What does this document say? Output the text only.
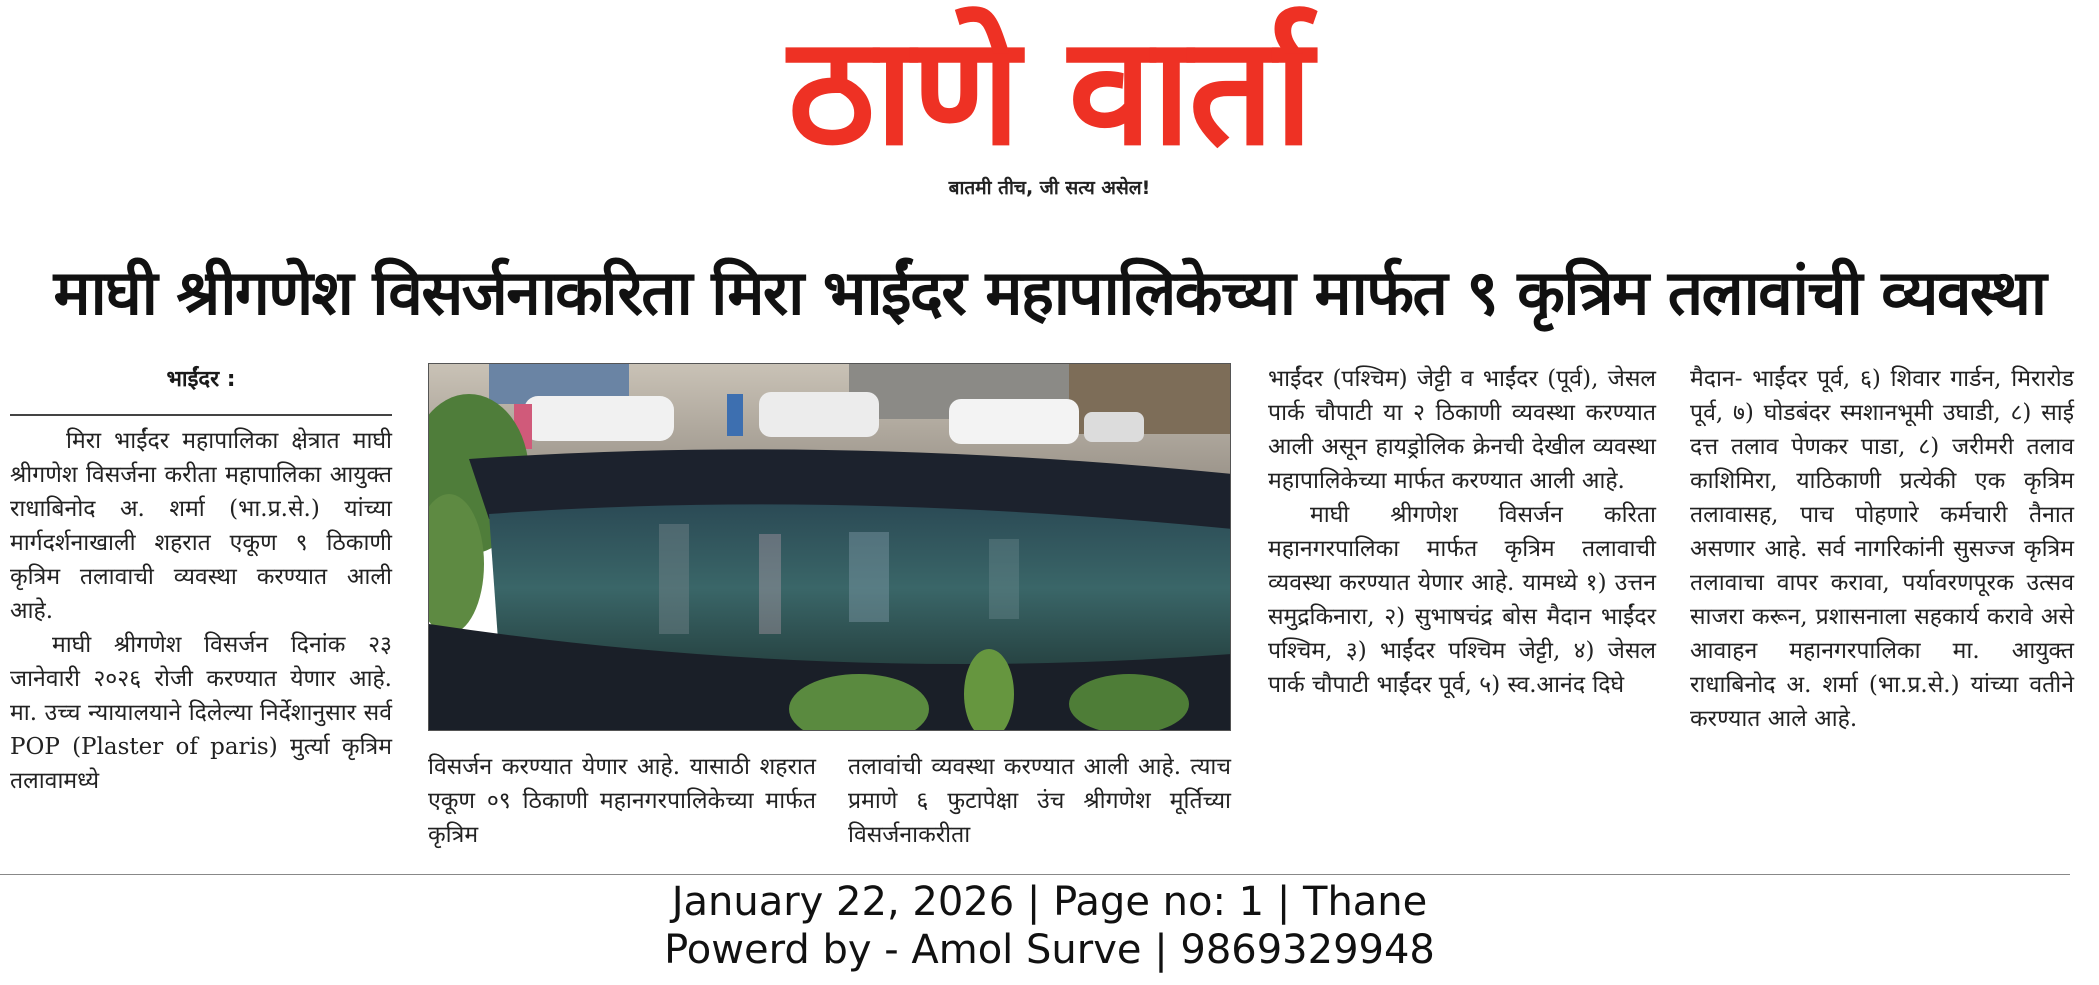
ठाणे वार्ता
बातमी तीच, जी सत्य असेल!
माघी श्रीगणेश विसर्जनाकरिता मिरा भाईंदर महापालिकेच्या मार्फत ९ कृत्रिम तलावांची व्यवस्था
भाईंदर :

मिरा भाईंदर महापालिका क्षेत्रात माघी श्रीगणेश विसर्जना करीता महापालिका आयुक्त राधाबिनोद अ. शर्मा (भा.प्र.से.) यांच्या मार्गदर्शनाखाली शहरात एकूण ९ ठिकाणी कृत्रिम तलावाची व्यवस्था करण्यात आली आहे.

माघी श्रीगणेश विसर्जन दिनांक २३ जानेवारी २०२६ रोजी करण्यात येणार आहे. मा. उच्च न्यायालयाने दिलेल्या निर्देशानुसार सर्व POP (Plaster of paris) मुर्त्या कृत्रिम तलावामध्ये

विसर्जन करण्यात येणार आहे. यासाठी शहरात एकूण ०९ ठिकाणी महानगरपालिकेच्या मार्फत कृत्रिम

तलावांची व्यवस्था करण्यात आली आहे. त्याच प्रमाणे ६ फुटापेक्षा उंच श्रीगणेश मूर्तिच्या विसर्जनाकरीता

भाईंदर (पश्चिम) जेट्टी व भाईंदर (पूर्व), जेसल पार्क चौपाटी या २ ठिकाणी व्यवस्था करण्यात आली असून हायड्रोलिक क्रेनची देखील व्यवस्था महापालिकेच्या मार्फत करण्यात आली आहे.

माघी श्रीगणेश विसर्जन करिता महानगरपालिका मार्फत कृत्रिम तलावाची व्यवस्था करण्यात येणार आहे. यामध्ये १) उत्तन समुद्रकिनारा, २) सुभाषचंद्र बोस मैदान भाईंदर पश्चिम, ३) भाईंदर पश्चिम जेट्टी, ४) जेसल पार्क चौपाटी भाईंदर पूर्व, ५) स्व.आनंद दिघे

मैदान- भाईंदर पूर्व, ६) शिवार गार्डन, मिरारोड पूर्व, ७) घोडबंदर स्मशानभूमी उघाडी, ८) साई दत्त तलाव पेणकर पाडा, ८) जरीमरी तलाव काशिमिरा, याठिकाणी प्रत्येकी एक कृत्रिम तलावासह, पाच पोहणारे कर्मचारी तैनात असणार आहे. सर्व नागरिकांनी सुसज्ज कृत्रिम तलावाचा वापर करावा, पर्यावरणपूरक उत्सव साजरा करून, प्रशासनाला सहकार्य करावे असे आवाहन महानगरपालिका मा. आयुक्त राधाबिनोद अ. शर्मा (भा.प्र.से.) यांच्या वतीने करण्यात आले आहे.

January 22, 2026 | Page no: 1 | Thane
Powerd by - Amol Surve | 9869329948
